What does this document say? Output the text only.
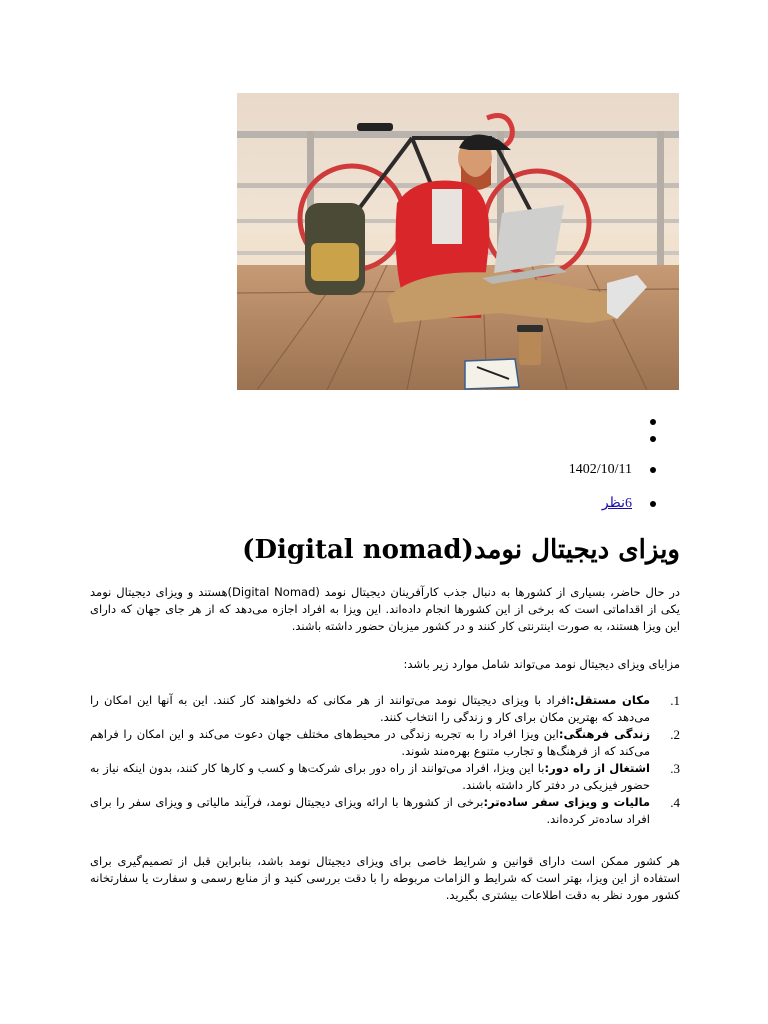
1402/10/11
6نظر
ویزای دیجیتال نومد(Digital nomad)

در حال حاضر، بسیاری از کشورها به دنبال جذب کارآفرینان دیجیتال نومد (Digital Nomad)هستند و ویزای دیجیتال نومد یکی از اقداماتی است که برخی از این کشورها انجام داده‌اند. این ویزا به افراد اجازه می‌دهد که از هر جای جهان که دارای این ویزا هستند، به صورت اینترنتی کار کنند و در کشور میزبان حضور داشته باشند.

مزایای ویزای دیجیتال نومد می‌تواند شامل موارد زیر باشد:

1.
مکان مستقل:افراد با ویزای دیجیتال نومد می‌توانند از هر مکانی که دلخواهند کار کنند. این به آنها این امکان را می‌دهد که بهترین مکان برای کار و زندگی را انتخاب کنند.
2.
زندگی فرهنگی:این ویزا افراد را به تجربه زندگی در محیط‌های مختلف جهان دعوت می‌کند و این امکان را فراهم می‌کند که از فرهنگ‌ها و تجارب متنوع بهره‌مند شوند.
3.
اشتغال از راه دور:با این ویزا، افراد می‌توانند از راه دور برای شرکت‌ها و کسب و کارها کار کنند، بدون اینکه نیاز به حضور فیزیکی در دفتر کار داشته باشند.
4.
مالیات و ویزای سفر ساده‌تر:برخی از کشورها با ارائه ویزای دیجیتال نومد، فرآیند مالیاتی و ویزای سفر را برای افراد ساده‌تر کرده‌اند.

هر کشور ممکن است دارای قوانین و شرایط خاصی برای ویزای دیجیتال نومد باشد، بنابراین قبل از تصمیم‌گیری برای استفاده از این ویزا، بهتر است که شرایط و الزامات مربوطه را با دقت بررسی کنید و از منابع رسمی و سفارت یا سفارتخانه کشور مورد نظر به دقت اطلاعات بیشتری بگیرید.
